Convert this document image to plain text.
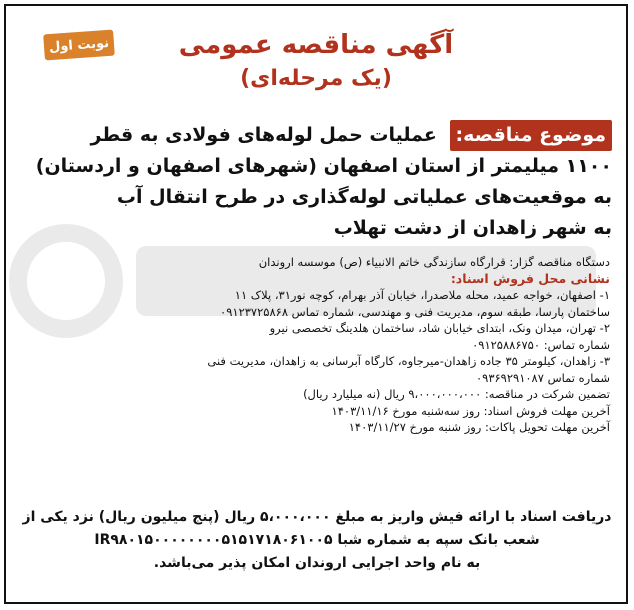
نوبت اول	آگهی مناقصه عمومی
(یک مرحله‌ای)
موضوع مناقصه: عملیات حمل لوله‌های فولادی به قطر
۱۱۰۰ میلیمتر از استان اصفهان (شهرهای اصفهان و اردستان)
به موقعیت‌های عملیاتی لوله‌گذاری در طرح انتقال آب
به شهر زاهدان از دشت تهلاب

دستگاه مناقصه گزار: قرارگاه سازندگی خاتم الانبیاء (ص) موسسه اروندان

نشانی محل فروش اسناد:

۱- اصفهان، خواجه عمید، محله ملاصدرا، خیابان آذر بهرام، کوچه نور۳۱، پلاک ۱۱

ساختمان پارسا، طبقه سوم، مدیریت فنی و مهندسی، شماره تماس ۰۹۱۲۳۷۲۵۸۶۸

۲- تهران، میدان ونک، ابتدای خیابان شاد، ساختمان هلدینگ تخصصی نیرو

شماره تماس: ۰۹۱۲۵۸۸۶۷۵۰

۳- زاهدان، کیلومتر ۳۵ جاده زاهدان-میرجاوه، کارگاه آبرسانی به زاهدان، مدیریت فنی

شماره تماس ۰۹۳۶۹۲۹۱۰۸۷

تضمین شرکت در مناقصه: ۹،۰۰۰،۰۰۰،۰۰۰ ریال (نه میلیارد ریال)

آخرین مهلت فروش اسناد: روز سه‌شنبه مورخ ۱۴۰۳/۱۱/۱۶

آخرین مهلت تحویل پاکات: روز شنبه مورخ ۱۴۰۳/۱۱/۲۷

دریافت اسناد با ارائه فیش واریز به مبلغ ۵،۰۰۰،۰۰۰ ریال (پنج میلیون ریال) نزد یکی از
شعب بانک سپه به شماره شبا IR۹۸۰۱۵۰۰۰۰۰۰۰۰۵۱۵۱۷۱۸۰۶۱۰۰۵
به نام واحد اجرایی اروندان امکان پذیر می‌باشد.
